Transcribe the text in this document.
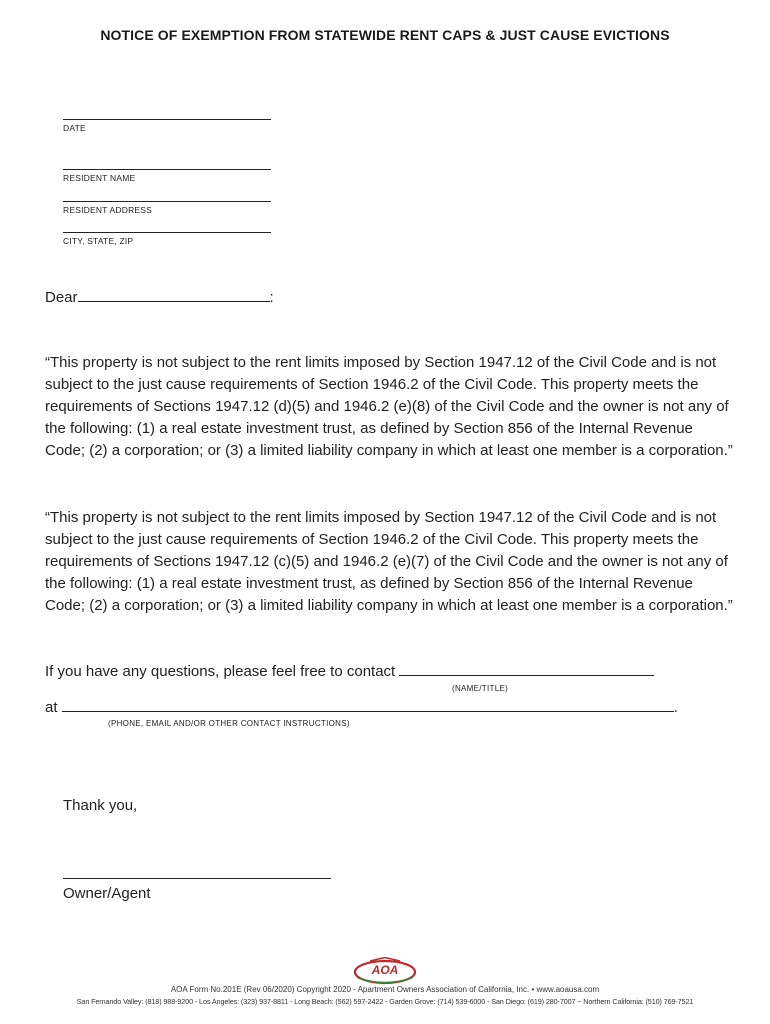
NOTICE OF EXEMPTION FROM STATEWIDE RENT CAPS & JUST CAUSE EVICTIONS
DATE
RESIDENT NAME
RESIDENT ADDRESS
CITY, STATE, ZIP
Dear	:
“This property is not subject to the rent limits imposed by Section 1947.12 of the Civil Code and is not subject to the just cause requirements of Section 1946.2 of the Civil Code. This property meets the requirements of Sections 1947.12 (d)(5) and 1946.2 (e)(8) of the Civil Code and the owner is not any of the following: (1) a real estate investment trust, as defined by Section 856 of the Internal Revenue Code; (2) a corporation; or (3) a limited liability company in which at least one member is a corporation.”
“This property is not subject to the rent limits imposed by Section 1947.12 of the Civil Code and is not subject to the just cause requirements of Section 1946.2 of the Civil Code. This property meets the requirements of Sections 1947.12 (c)(5) and 1946.2 (e)(7) of the Civil Code and the owner is not any of the following: (1) a real estate investment trust, as defined by Section 856 of the Internal Revenue Code; (2) a corporation; or (3) a limited liability company in which at least one member is a corporation.”
If you have any questions, please feel free to contact
(NAME/TITLE)
at	.
(PHONE, EMAIL AND/OR OTHER CONTACT INSTRUCTIONS)
Thank you,
Owner/Agent
AOA
AOA Form No.201E (Rev 06/2020) Copyright 2020 - Apartment Owners Association of California, Inc. • www.aoausa.com
San Fernando Valley: (818) 988-9200 - Los Angeles: (323) 937-8811 - Long Beach: (562) 597-2422 - Garden Grove: (714) 539-6000 - San Diego: (619) 280-7007 ~ Northern California: (510) 769-7521
